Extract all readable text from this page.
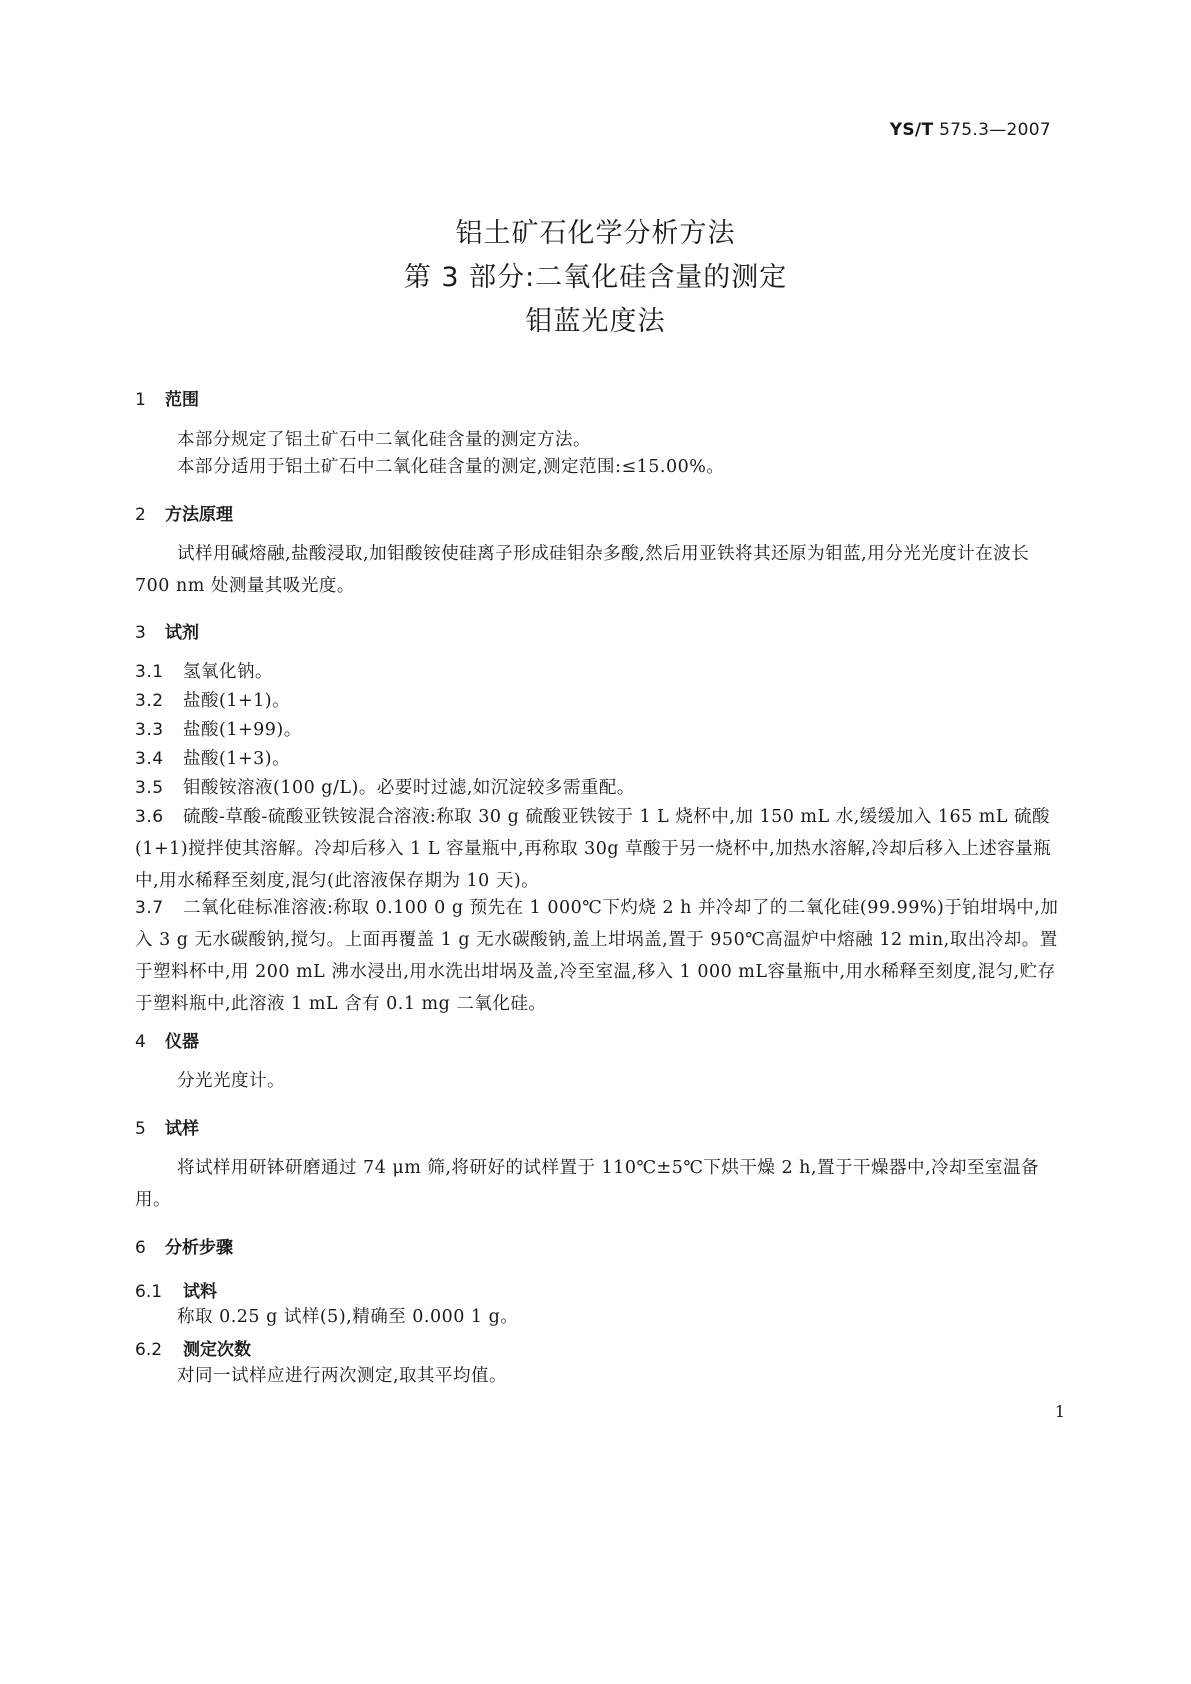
YS/T 575.3—2007
铝土矿石化学分析方法
第 3 部分:二氧化硅含量的测定
钼蓝光度法
1 范围
本部分规定了铝土矿石中二氧化硅含量的测定方法。
本部分适用于铝土矿石中二氧化硅含量的测定,测定范围:≤15.00%。
2 方法原理
试样用碱熔融,盐酸浸取,加钼酸铵使硅离子形成硅钼杂多酸,然后用亚铁将其还原为钼蓝,用分光光度计在波长 700 nm 处测量其吸光度。
3 试剂
3.1 氢氧化钠。
3.2 盐酸(1+1)。
3.3 盐酸(1+99)。
3.4 盐酸(1+3)。
3.5 钼酸铵溶液(100 g/L)。必要时过滤,如沉淀较多需重配。
3.6 硫酸-草酸-硫酸亚铁铵混合溶液:称取 30 g 硫酸亚铁铵于 1 L 烧杯中,加 150 mL 水,缓缓加入 165 mL 硫酸(1+1)搅拌使其溶解。冷却后移入 1 L 容量瓶中,再称取 30g 草酸于另一烧杯中,加热水溶解,冷却后移入上述容量瓶中,用水稀释至刻度,混匀(此溶液保存期为 10 天)。
3.7 二氧化硅标准溶液:称取 0.100 0 g 预先在 1 000℃下灼烧 2 h 并冷却了的二氧化硅(99.99%)于铂坩埚中,加入 3 g 无水碳酸钠,搅匀。上面再覆盖 1 g 无水碳酸钠,盖上坩埚盖,置于 950℃高温炉中熔融 12 min,取出冷却。置于塑料杯中,用 200 mL 沸水浸出,用水洗出坩埚及盖,冷至室温,移入 1 000 mL容量瓶中,用水稀释至刻度,混匀,贮存于塑料瓶中,此溶液 1 mL 含有 0.1 mg 二氧化硅。
4 仪器
分光光度计。
5 试样
将试样用研钵研磨通过 74 μm 筛,将研好的试样置于 110℃±5℃下烘干燥 2 h,置于干燥器中,冷却至室温备用。
6 分析步骤
6.1 试料
称取 0.25 g 试样(5),精确至 0.000 1 g。
6.2 测定次数
对同一试样应进行两次测定,取其平均值。
1
